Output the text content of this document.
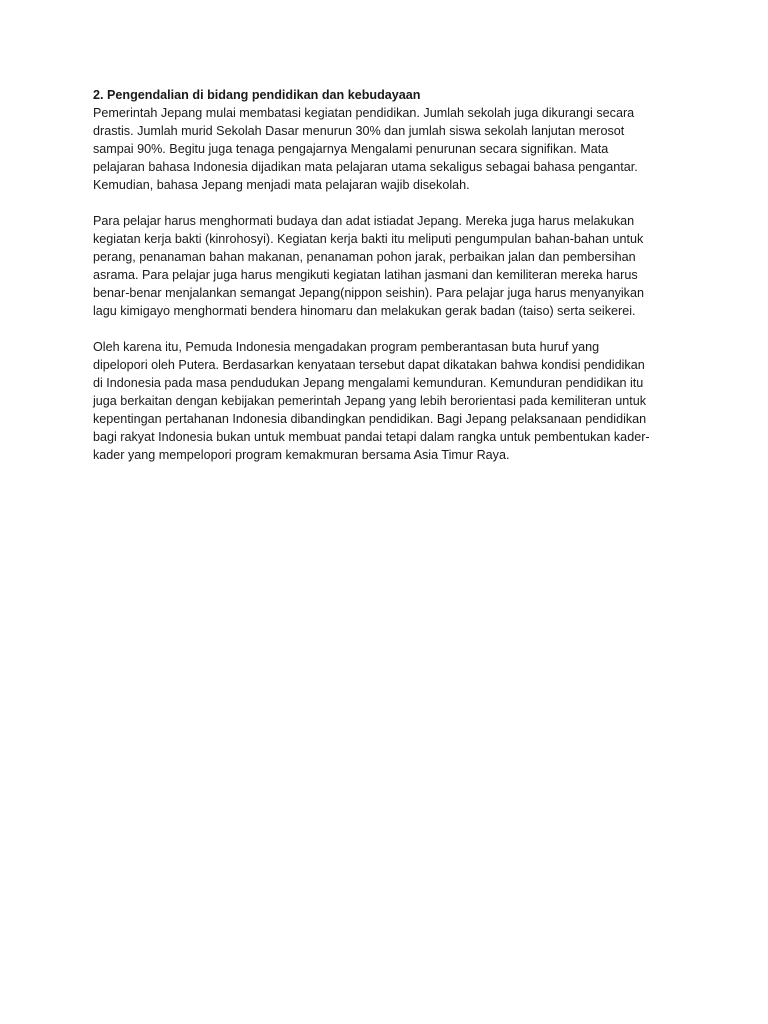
2. Pengendalian di bidang pendidikan dan kebudayaan
Pemerintah Jepang mulai membatasi kegiatan pendidikan. Jumlah sekolah juga dikurangi secara
drastis. Jumlah murid Sekolah Dasar menurun 30% dan jumlah siswa sekolah lanjutan merosot
sampai 90%. Begitu juga tenaga pengajarnya Mengalami penurunan secara signifikan. Mata
pelajaran bahasa Indonesia dijadikan mata pelajaran utama sekaligus sebagai bahasa pengantar.
Kemudian, bahasa Jepang menjadi mata pelajaran wajib disekolah.
Para pelajar harus menghormati budaya dan adat istiadat Jepang. Mereka juga harus melakukan
kegiatan kerja bakti (kinrohosyi). Kegiatan kerja bakti itu meliputi pengumpulan bahan-bahan untuk
perang, penanaman bahan makanan, penanaman pohon jarak, perbaikan jalan dan pembersihan
asrama. Para pelajar juga harus mengikuti kegiatan latihan jasmani dan kemiliteran mereka harus
benar-benar menjalankan semangat Jepang(nippon seishin). Para pelajar juga harus menyanyikan
lagu kimigayo menghormati bendera hinomaru dan melakukan gerak badan (taiso) serta seikerei.
Oleh karena itu, Pemuda Indonesia mengadakan program pemberantasan buta huruf yang
dipelopori oleh Putera. Berdasarkan kenyataan tersebut dapat dikatakan bahwa kondisi pendidikan
di Indonesia pada masa pendudukan Jepang mengalami kemunduran. Kemunduran pendidikan itu
juga berkaitan dengan kebijakan pemerintah Jepang yang lebih berorientasi pada kemiliteran untuk
kepentingan pertahanan Indonesia dibandingkan pendidikan. Bagi Jepang pelaksanaan pendidikan
bagi rakyat Indonesia bukan untuk membuat pandai tetapi dalam rangka untuk pembentukan kader-
kader yang mempelopori program kemakmuran bersama Asia Timur Raya.
